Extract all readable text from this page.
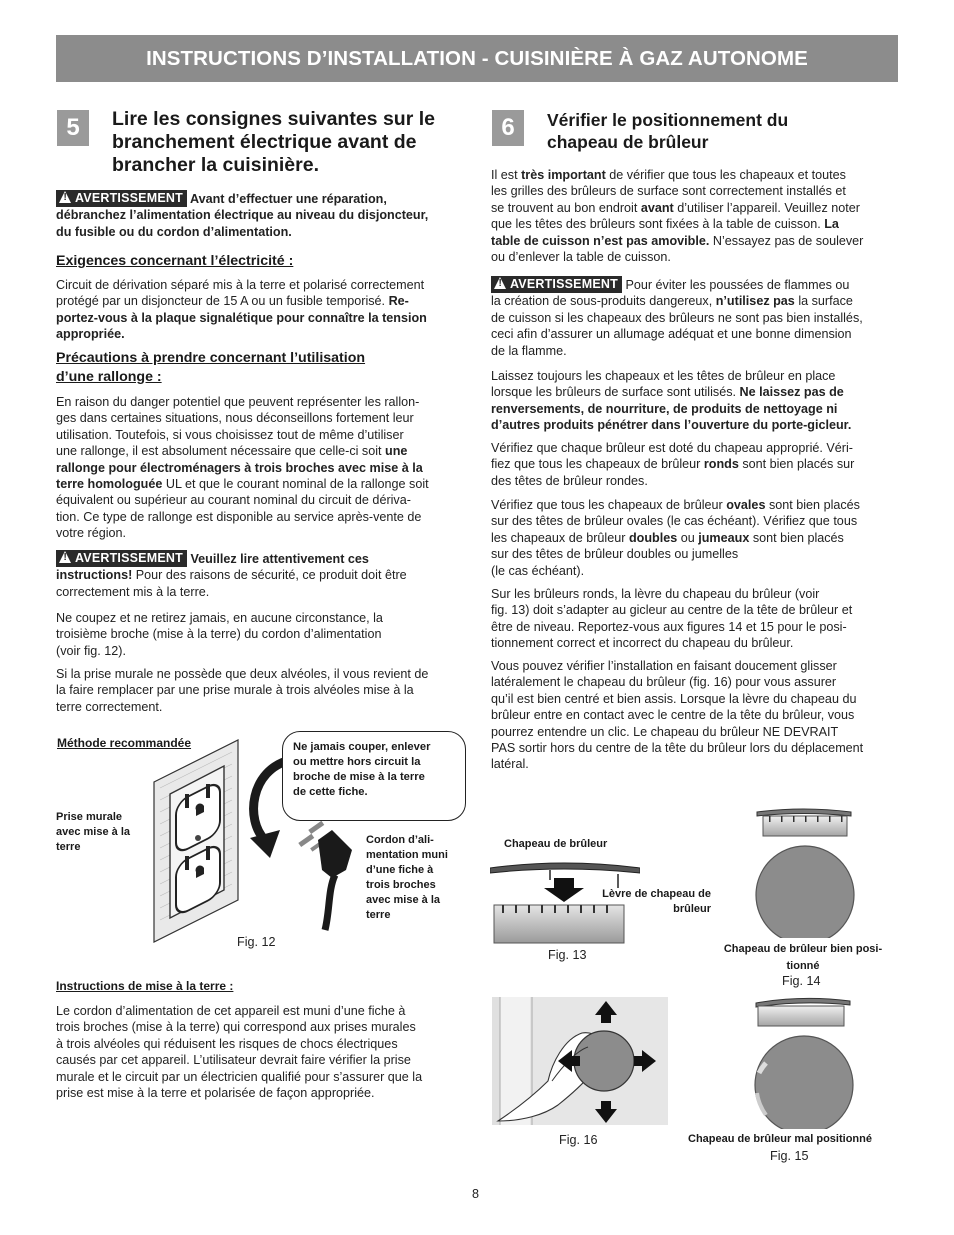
INSTRUCTIONS D’INSTALLATION - CUISINIÈRE À GAZ AUTONOME
5	Lire les consignes suivantes sur le
branchement électrique avant de
brancher la cuisinière.
! AVERTISSEMENT Avant d’effectuer une réparation,
débranchez l’alimentation électrique au niveau du disjoncteur,
du fusible ou du cordon d’alimentation.
Exigences concernant l’électricité :
Circuit de dérivation séparé mis à la terre et polarisé correctement
protégé par un disjoncteur de 15 A ou un fusible temporisé. Re-
portez-vous à la plaque signalétique pour connaître la tension
appropriée.
Précautions à prendre concernant l’utilisation
d’une rallonge :
En raison du danger potentiel que peuvent représenter les rallon-
ges dans certaines situations, nous déconseillons fortement leur
utilisation. Toutefois, si vous choisissez tout de même d’utiliser
une rallonge, il est absolument nécessaire que celle-ci soit une
rallonge pour électroménagers à trois broches avec mise à la
terre homologuée UL et que le courant nominal de la rallonge soit
équivalent ou supérieur au courant nominal du circuit de dériva-
tion. Ce type de rallonge est disponible au service après-vente de
votre région.
! AVERTISSEMENT Veuillez lire attentivement ces
instructions! Pour des raisons de sécurité, ce produit doit être
correctement mis à la terre.
Ne coupez et ne retirez jamais, en aucune circonstance, la
troisième broche (mise à la terre) du cordon d’alimentation
(voir fig. 12).
Si la prise murale ne possède que deux alvéoles, il vous revient de
la faire remplacer par une prise murale à trois alvéoles mise à la
terre correctement.
Méthode recommandée	Ne jamais couper, enlever
ou mettre hors circuit la
broche de mise à la terre
de cette fiche.
Prise murale
avec mise à la
terre
Cordon d’ali-
mentation muni
d’une fiche à
trois broches
avec mise à la
terre
Fig. 12
Instructions de mise à la terre :
Le cordon d’alimentation de cet appareil est muni d’une fiche à
trois broches (mise à la terre) qui correspond aux prises murales
à trois alvéoles qui réduisent les risques de chocs électriques
causés par cet appareil. L’utilisateur devrait faire vérifier la prise
murale et le circuit par un électricien qualifié pour s’assurer que la
prise est mise à la terre et polarisée de façon appropriée.
6	Vérifier le positionnement du
chapeau de brûleur
Il est très important de vérifier que tous les chapeaux et toutes
les grilles des brûleurs de surface sont correctement installés et
se trouvent au bon endroit avant d’utiliser l’appareil. Veuillez noter
que les têtes des brûleurs sont fixées à la table de cuisson. La
table de cuisson n’est pas amovible. N’essayez pas de soulever
ou d’enlever la table de cuisson.
! AVERTISSEMENT Pour éviter les poussées de flammes ou
la création de sous-produits dangereux, n’utilisez pas la surface
de cuisson si les chapeaux des brûleurs ne sont pas bien installés,
ceci afin d’assurer un allumage adéquat et une bonne dimension
de la flamme.
Laissez toujours les chapeaux et les têtes de brûleur en place
lorsque les brûleurs de surface sont utilisés. Ne laissez pas de
renversements, de nourriture, de produits de nettoyage ni
d’autres produits pénétrer dans l’ouverture du porte-gicleur.
Vérifiez que chaque brûleur est doté du chapeau approprié. Véri-
fiez que tous les chapeaux de brûleur ronds sont bien placés sur
des têtes de brûleur rondes.
Vérifiez que tous les chapeaux de brûleur ovales sont bien placés
sur des têtes de brûleur ovales (le cas échéant). Vérifiez que tous
les chapeaux de brûleur doubles ou jumeaux sont bien placés
sur des têtes de brûleur doubles ou jumelles
(le cas échéant).
Sur les brûleurs ronds, la lèvre du chapeau du brûleur (voir
fig. 13) doit s’adapter au gicleur au centre de la tête de brûleur et
être de niveau. Reportez-vous aux figures 14 et 15 pour le posi-
tionnement correct et incorrect du chapeau du brûleur.
Vous pouvez vérifier l’installation en faisant doucement glisser
latéralement le chapeau du brûleur (fig. 16) pour vous assurer
qu’il est bien centré et bien assis. Lorsque la lèvre du chapeau du
brûleur entre en contact avec le centre de la tête du brûleur, vous
pourrez entendre un clic. Le chapeau du brûleur NE DEVRAIT
PAS sortir hors du centre de la tête du brûleur lors du déplacement
latéral.
Chapeau de brûleur
Lèvre de chapeau de
brûleur
Fig. 13	Chapeau de brûleur bien posi-
tionné
Fig. 14
Chapeau de brûleur mal positionné
Fig. 15
Fig. 16
8
